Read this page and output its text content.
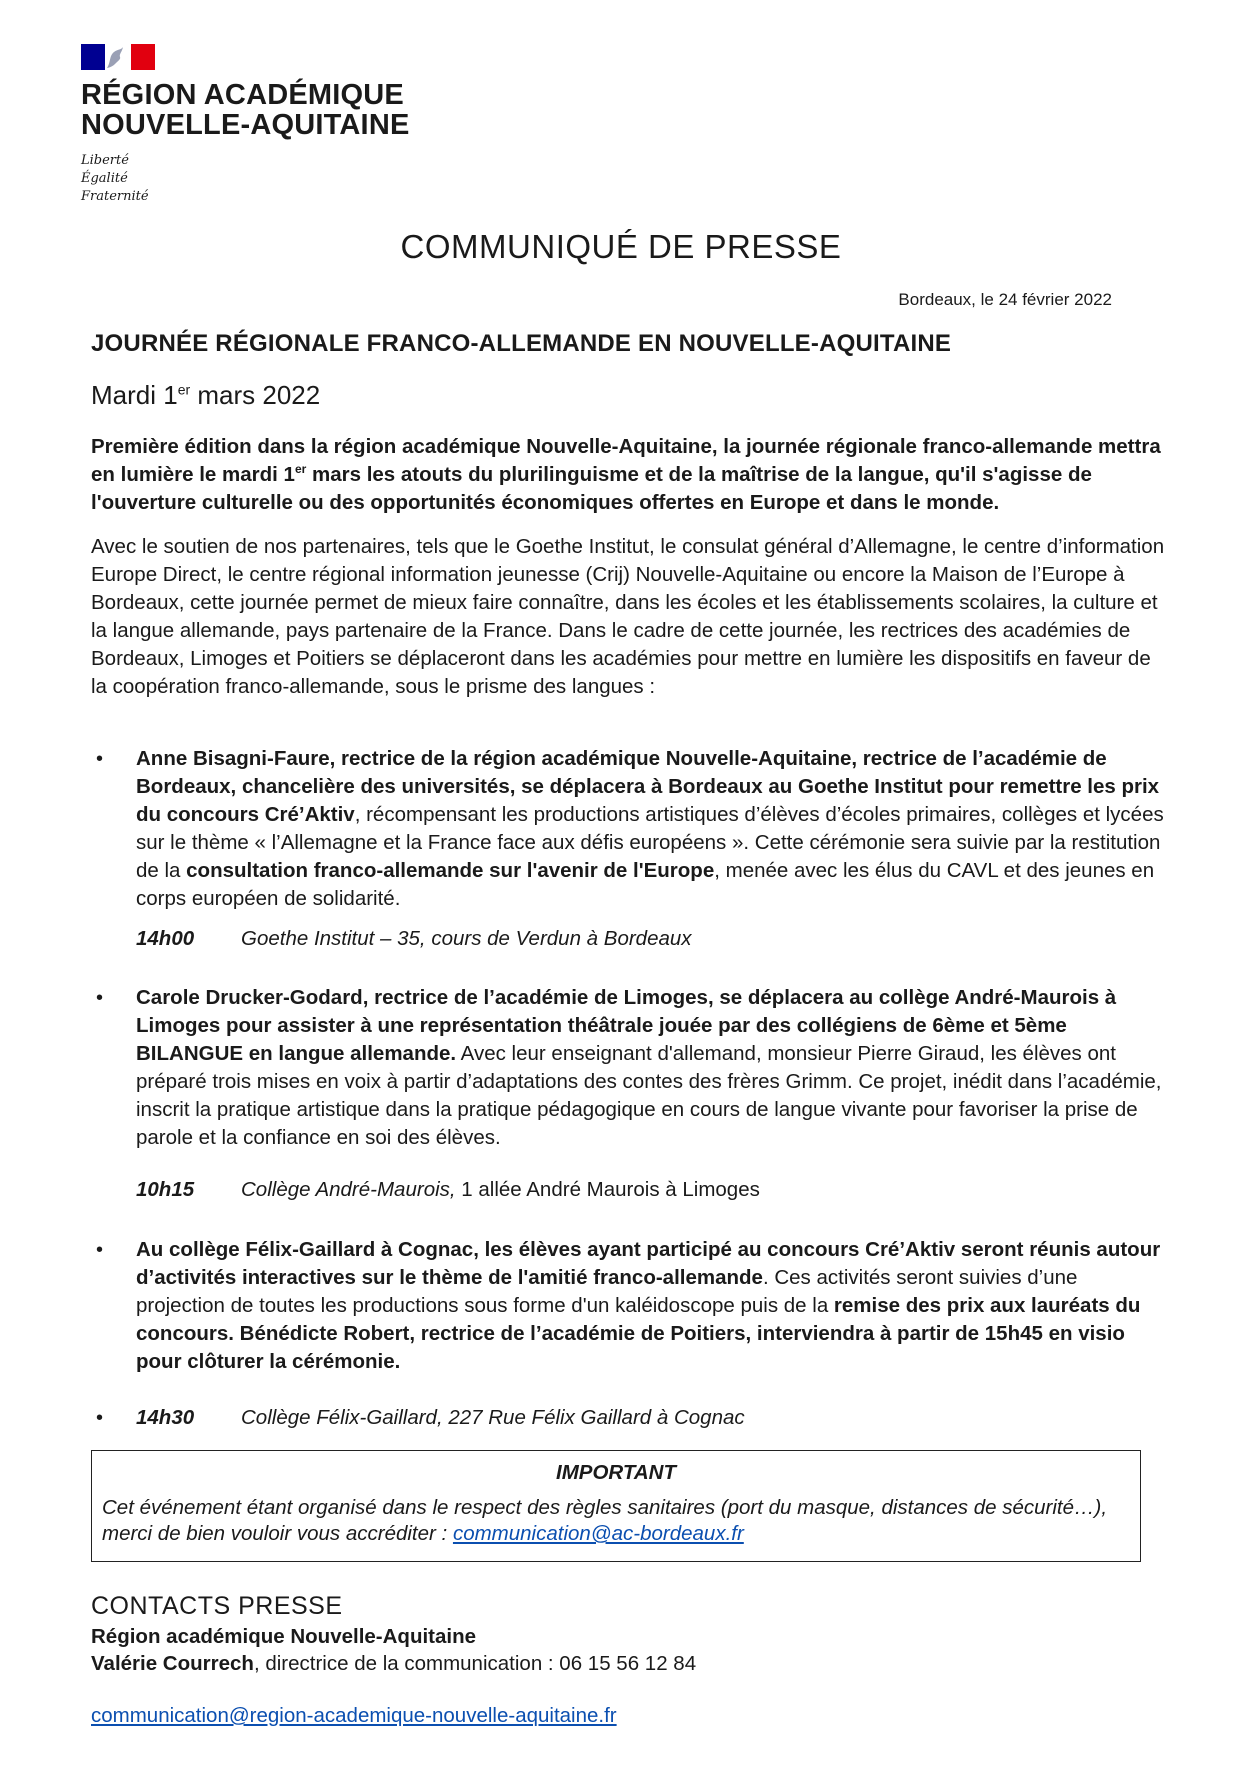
RÉGION ACADÉMIQUE
NOUVELLE-AQUITAINE
Liberté
Égalité
Fraternité
COMMUNIQUÉ DE PRESSE
Bordeaux, le 24 février 2022
JOURNÉE RÉGIONALE FRANCO-ALLEMANDE EN NOUVELLE-AQUITAINE
Mardi 1er mars 2022

Première édition dans la région académique Nouvelle-Aquitaine, la journée régionale franco-allemande mettra en lumière le mardi 1er mars les atouts du plurilinguisme et de la maîtrise de la langue, qu'il s'agisse de l'ouverture culturelle ou des opportunités économiques offertes en Europe et dans le monde.

Avec le soutien de nos partenaires, tels que le Goethe Institut, le consulat général d’Allemagne, le centre d’information Europe Direct, le centre régional information jeunesse (Crij) Nouvelle-Aquitaine ou encore la Maison de l’Europe à Bordeaux, cette journée permet de mieux faire connaître, dans les écoles et les établissements scolaires, la culture et la langue allemande, pays partenaire de la France. Dans le cadre de cette journée, les rectrices des académies de Bordeaux, Limoges et Poitiers se déplaceront dans les académies pour mettre en lumière les dispositifs en faveur de la coopération franco-allemande, sous le prisme des langues :

• Anne Bisagni-Faure, rectrice de la région académique Nouvelle-Aquitaine, rectrice de l’académie de Bordeaux, chancelière des universités, se déplacera à Bordeaux au Goethe Institut pour remettre les prix du concours Cré’Aktiv, récompensant les productions artistiques d’élèves d’écoles primaires, collèges et lycées sur le thème « l’Allemagne et la France face aux défis européens ». Cette cérémonie sera suivie par la restitution de la consultation franco-allemande sur l'avenir de l'Europe, menée avec les élus du CAVL et des jeunes en corps européen de solidarité.
14h00 Goethe Institut – 35, cours de Verdun à Bordeaux
• Carole Drucker-Godard, rectrice de l’académie de Limoges, se déplacera au collège André-Maurois à Limoges pour assister à une représentation théâtrale jouée par des collégiens de 6ème et 5ème BILANGUE en langue allemande. Avec leur enseignant d'allemand, monsieur Pierre Giraud, les élèves ont préparé trois mises en voix à partir d’adaptations des contes des frères Grimm. Ce projet, inédit dans l’académie, inscrit la pratique artistique dans la pratique pédagogique en cours de langue vivante pour favoriser la prise de parole et la confiance en soi des élèves.
10h15 Collège André-Maurois, 1 allée André Maurois à Limoges
• Au collège Félix-Gaillard à Cognac, les élèves ayant participé au concours Cré’Aktiv seront réunis autour d’activités interactives sur le thème de l'amitié franco-allemande. Ces activités seront suivies d’une projection de toutes les productions sous forme d'un kaléidoscope puis de la remise des prix aux lauréats du concours. Bénédicte Robert, rectrice de l’académie de Poitiers, interviendra à partir de 15h45 en visio pour clôturer la cérémonie.
• 14h30 Collège Félix-Gaillard, 227 Rue Félix Gaillard à Cognac
IMPORTANT
Cet événement étant organisé dans le respect des règles sanitaires (port du masque, distances de sécurité…), merci de bien vouloir vous accréditer : communication@ac-bordeaux.fr
CONTACTS PRESSE
Région académique Nouvelle-Aquitaine
Valérie Courrech, directrice de la communication : 06 15 56 12 84
communication@region-academique-nouvelle-aquitaine.fr
